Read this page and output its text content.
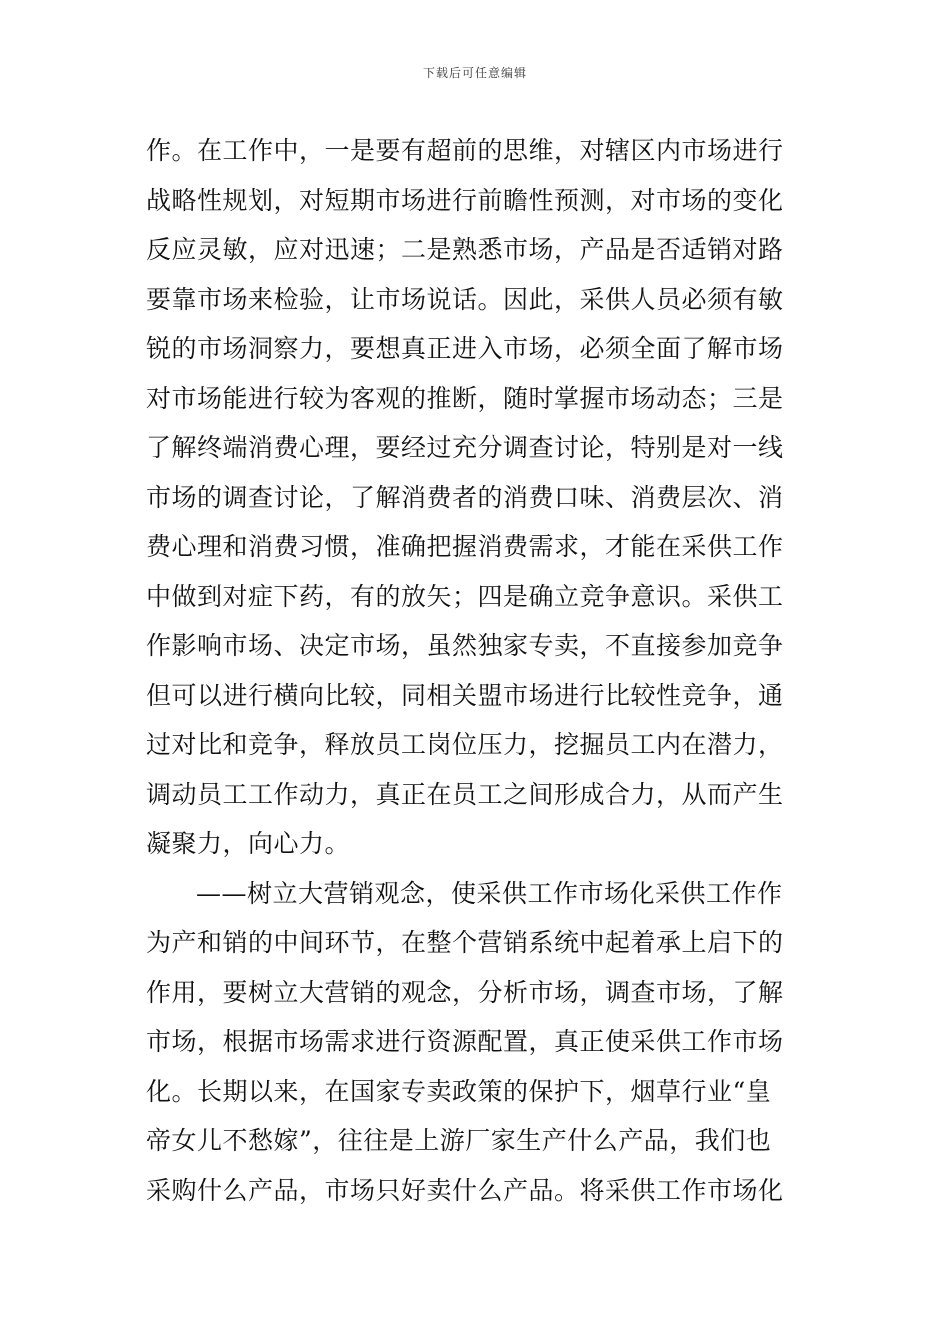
下载后可任意编辑
作。在工作中，一是要有超前的思维，对辖区内市场进行
战略性规划，对短期市场进行前瞻性预测，对市场的变化
反应灵敏，应对迅速；二是熟悉市场，产品是否适销对路
要靠市场来检验，让市场说话。因此，采供人员必须有敏
锐的市场洞察力，要想真正进入市场，必须全面了解市场
对市场能进行较为客观的推断，随时掌握市场动态；三是
了解终端消费心理，要经过充分调查讨论，特别是对一线
市场的调查讨论，了解消费者的消费口味、消费层次、消
费心理和消费习惯，准确把握消费需求，才能在采供工作
中做到对症下药，有的放矢；四是确立竞争意识。采供工
作影响市场、决定市场，虽然独家专卖，不直接参加竞争
但可以进行横向比较，同相关盟市场进行比较性竞争，通
过对比和竞争，释放员工岗位压力，挖掘员工内在潜力，
调动员工工作动力，真正在员工之间形成合力，从而产生
凝聚力，向心力。
——树立大营销观念，使采供工作市场化采供工作作
为产和销的中间环节，在整个营销系统中起着承上启下的
作用，要树立大营销的观念，分析市场，调查市场，了解
市场，根据市场需求进行资源配置，真正使采供工作市场
化。长期以来，在国家专卖政策的保护下，烟草行业“皇
帝女儿不愁嫁”，往往是上游厂家生产什么产品，我们也
采购什么产品，市场只好卖什么产品。将采供工作市场化
